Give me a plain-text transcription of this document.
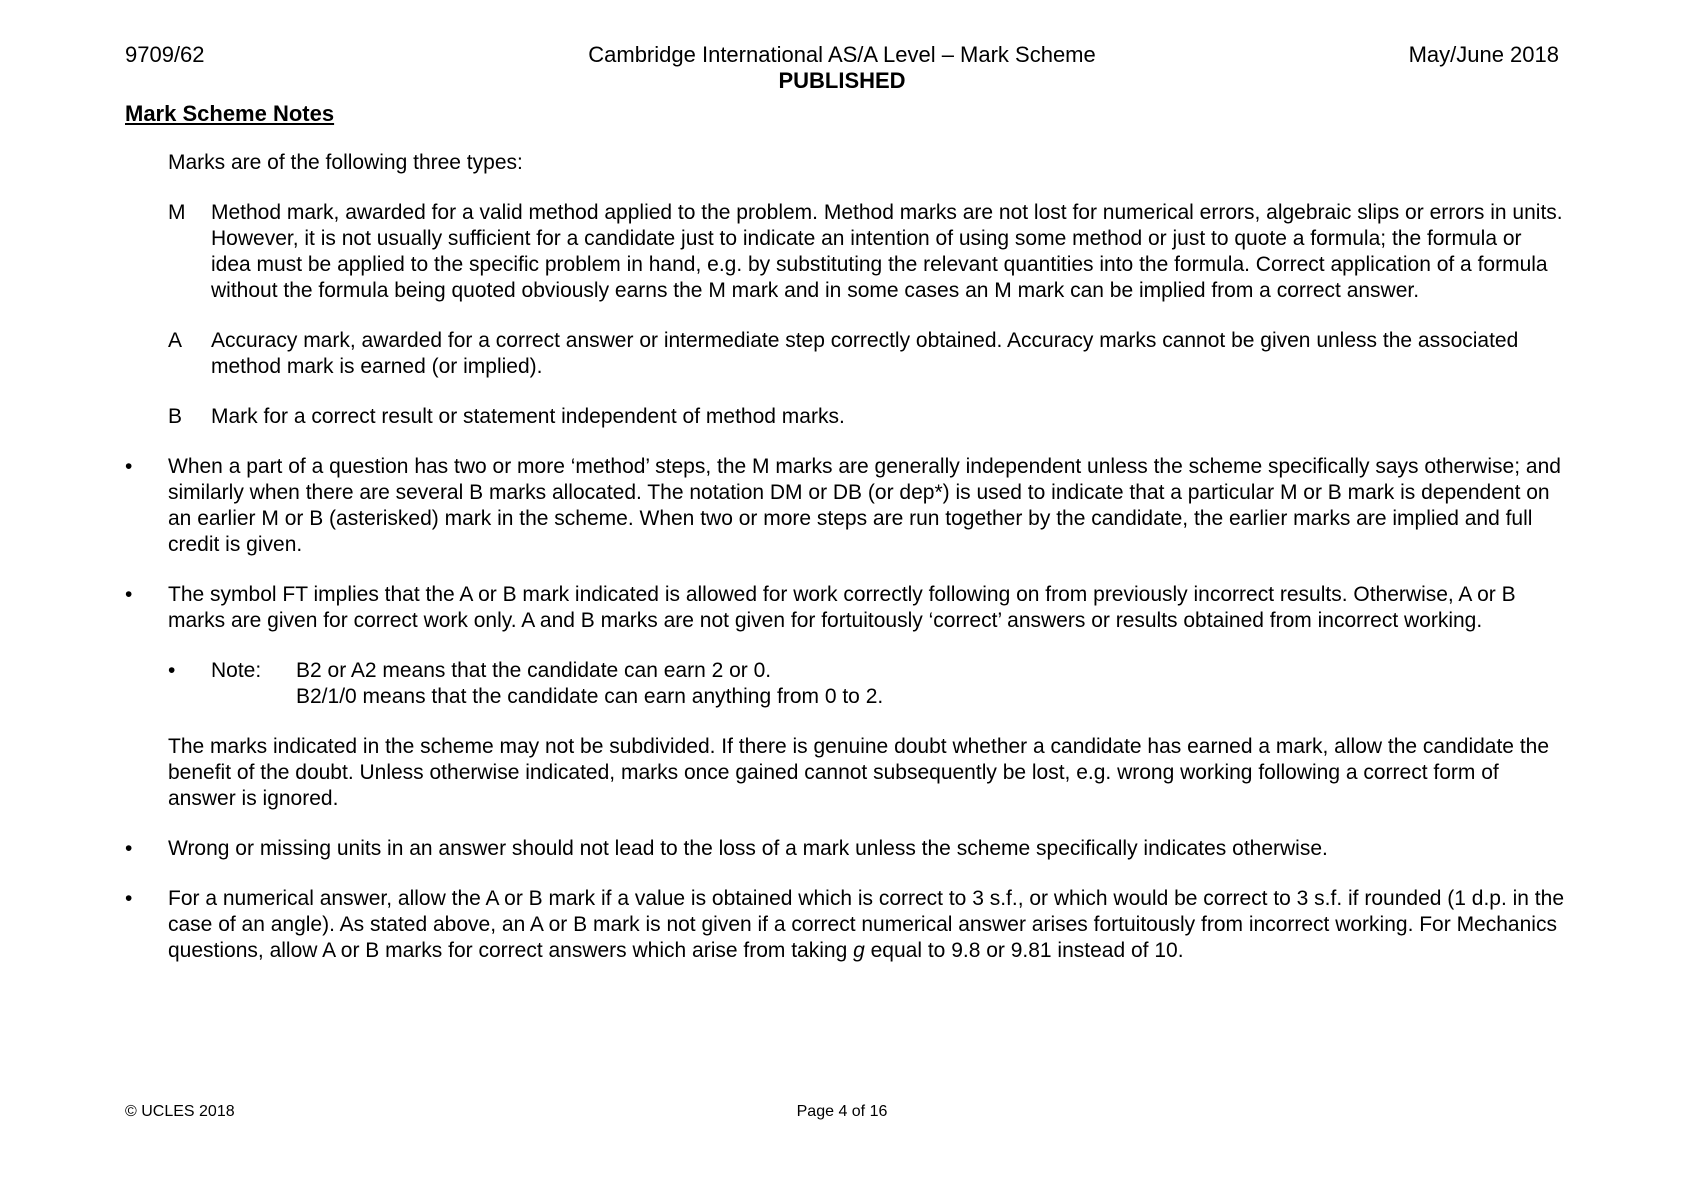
9709/62	Cambridge International AS/A Level – Mark Scheme	May/June 2018
PUBLISHED
Mark Scheme Notes
Marks are of the following three types:
M	Method mark, awarded for a valid method applied to the problem. Method marks are not lost for numerical errors, algebraic slips or errors in units. However, it is not usually sufficient for a candidate just to indicate an intention of using some method or just to quote a formula; the formula or idea must be applied to the specific problem in hand, e.g. by substituting the relevant quantities into the formula. Correct application of a formula without the formula being quoted obviously earns the M mark and in some cases an M mark can be implied from a correct answer.
A	Accuracy mark, awarded for a correct answer or intermediate step correctly obtained. Accuracy marks cannot be given unless the associated method mark is earned (or implied).
B	Mark for a correct result or statement independent of method marks.
•	When a part of a question has two or more ‘method’ steps, the M marks are generally independent unless the scheme specifically says otherwise; and similarly when there are several B marks allocated. The notation DM or DB (or dep*) is used to indicate that a particular M or B mark is dependent on an earlier M or B (asterisked) mark in the scheme. When two or more steps are run together by the candidate, the earlier marks are implied and full credit is given.
•	The symbol FT implies that the A or B mark indicated is allowed for work correctly following on from previously incorrect results. Otherwise, A or B marks are given for correct work only. A and B marks are not given for fortuitously ‘correct’ answers or results obtained from incorrect working.
•	Note:	B2 or A2 means that the candidate can earn 2 or 0.
B2/1/0 means that the candidate can earn anything from 0 to 2.
The marks indicated in the scheme may not be subdivided. If there is genuine doubt whether a candidate has earned a mark, allow the candidate the benefit of the doubt. Unless otherwise indicated, marks once gained cannot subsequently be lost, e.g. wrong working following a correct form of answer is ignored.
•	Wrong or missing units in an answer should not lead to the loss of a mark unless the scheme specifically indicates otherwise.
•	For a numerical answer, allow the A or B mark if a value is obtained which is correct to 3 s.f., or which would be correct to 3 s.f. if rounded (1 d.p. in the case of an angle). As stated above, an A or B mark is not given if a correct numerical answer arises fortuitously from incorrect working. For Mechanics questions, allow A or B marks for correct answers which arise from taking g equal to 9.8 or 9.81 instead of 10.
© UCLES 2018	Page 4 of 16
